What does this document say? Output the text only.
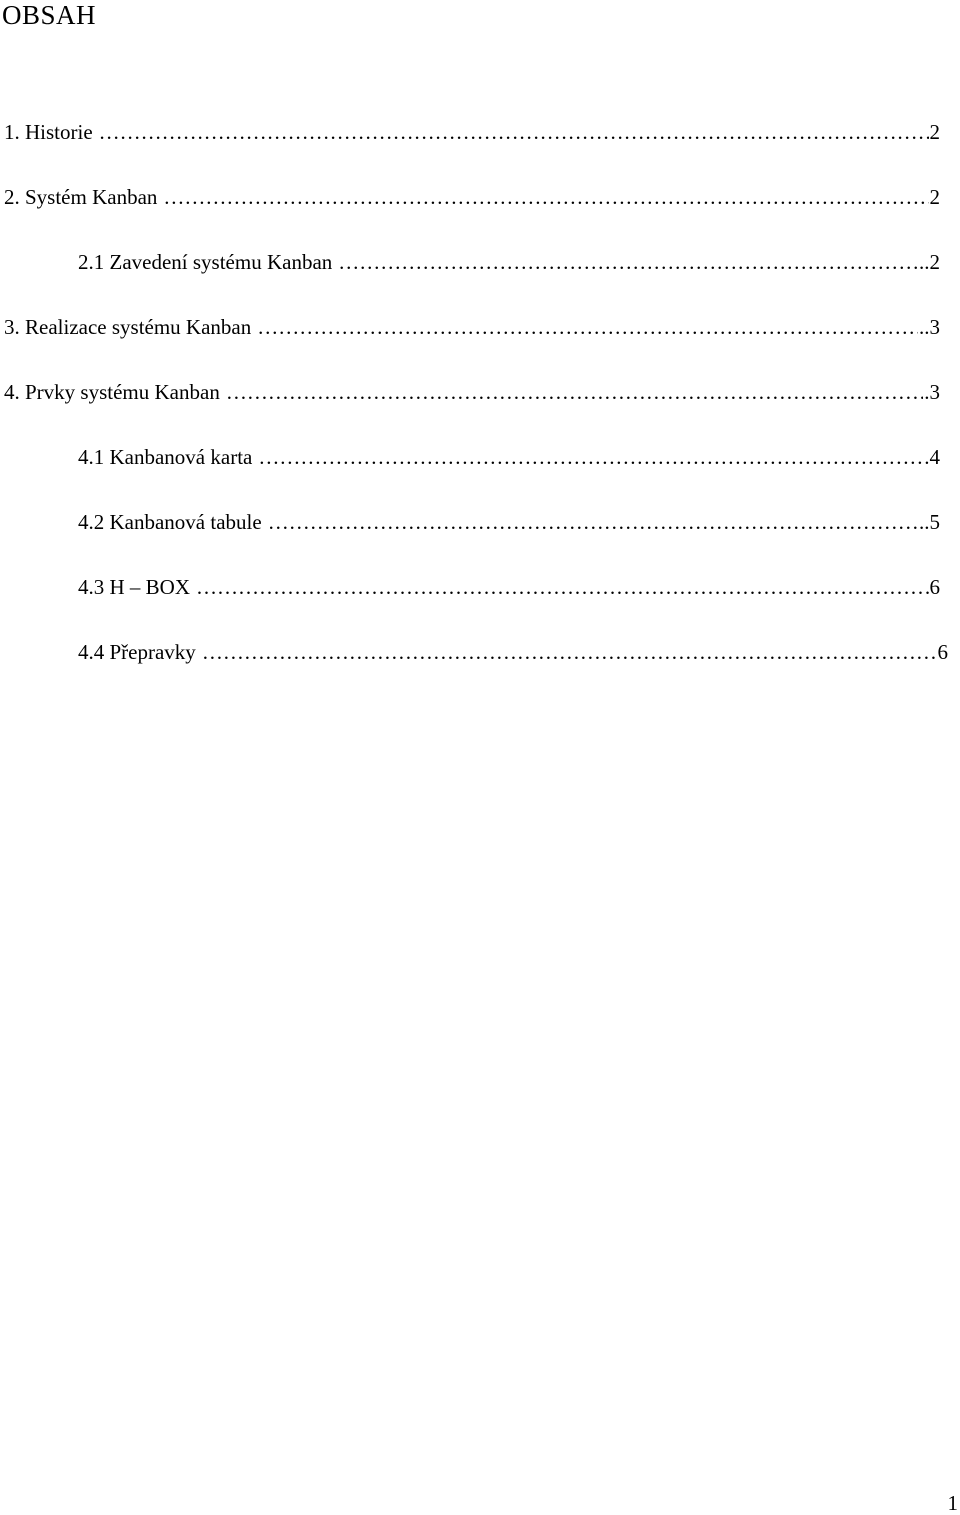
OBSAH
1. Historie ……………………………………………………………………………………………………………………………………………………………………………………………………………………	2
2. Systém Kanban ……………………………………………………………………………………………………………………………………………………………………………………………………………………	2
2.1 Zavedení systému Kanban ……………………………………………………………………………………………………………………………………………………………………………………………………………………	..2
3. Realizace systému Kanban ……………………………………………………………………………………………………………………………………………………………………………………………………………………	..3
4. Prvky systému Kanban ……………………………………………………………………………………………………………………………………………………………………………………………………………………	.3
4.1 Kanbanová karta ……………………………………………………………………………………………………………………………………………………………………………………………………………………	4
4.2 Kanbanová tabule ……………………………………………………………………………………………………………………………………………………………………………………………………………………	..5
4.3 H – BOX ……………………………………………………………………………………………………………………………………………………………………………………………………………………	6
4.4 Přepravky ……………………………………………………………………………………………………………………………………………………………………………………………………………………	6
1
